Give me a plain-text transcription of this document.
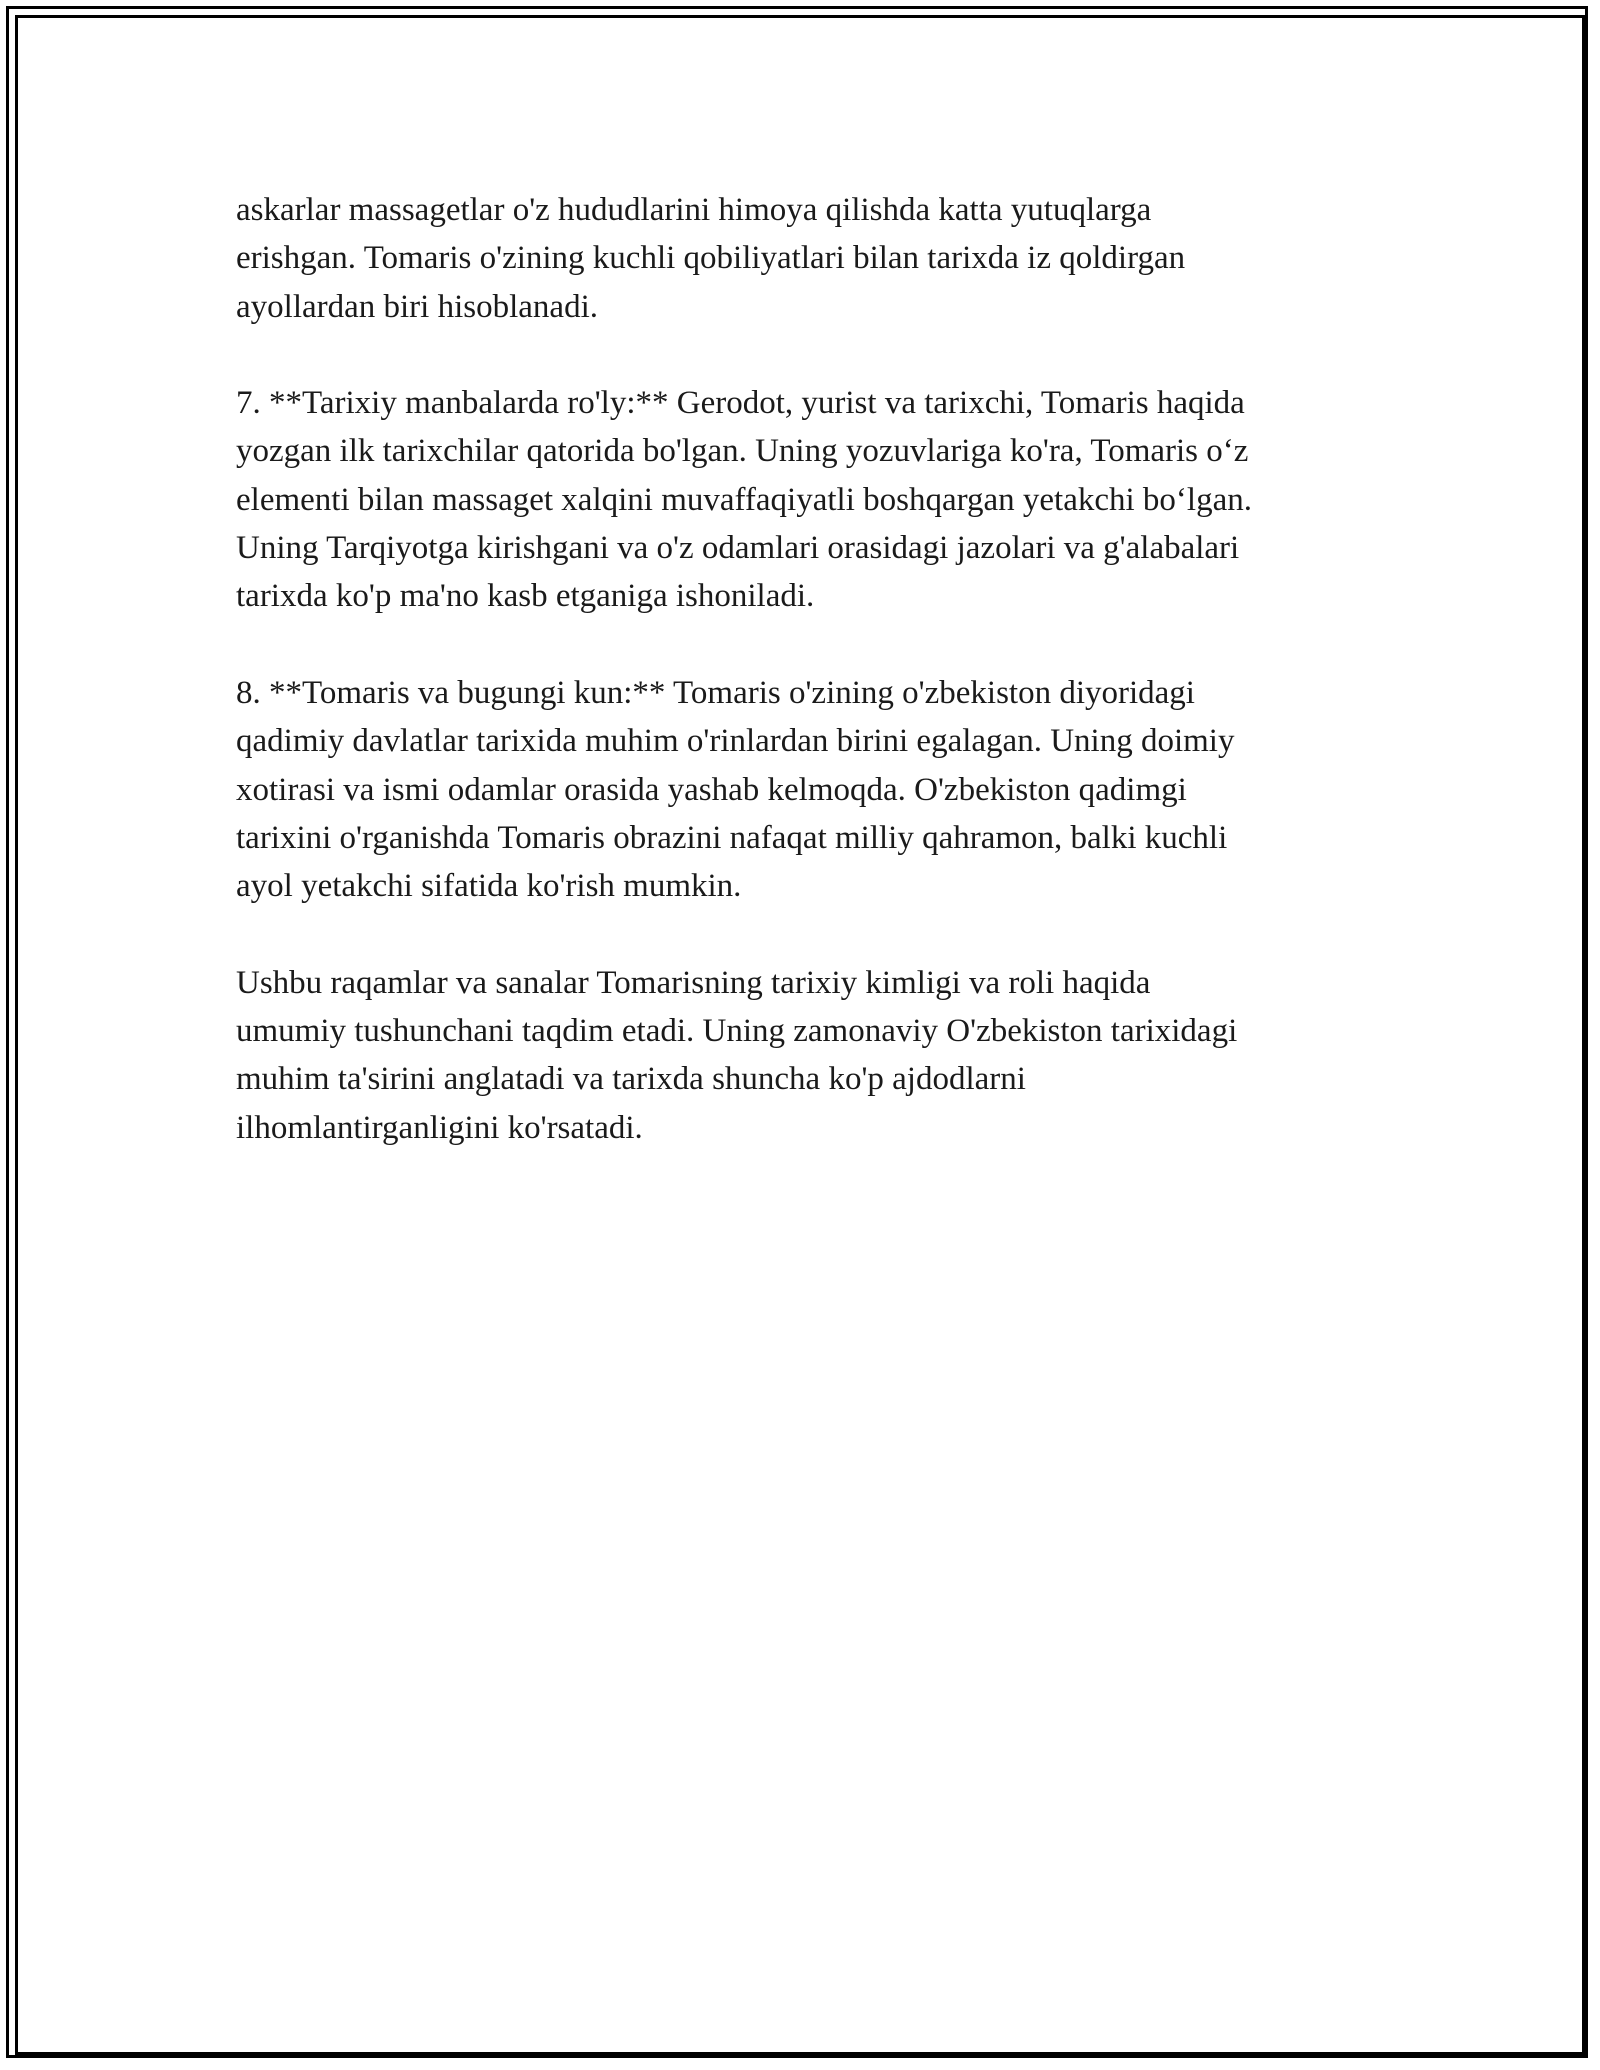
askarlar massagetlar o'z hududlarini himoya qilishda katta yutuqlarga
erishgan. Tomaris o'zining kuchli qobiliyatlari bilan tarixda iz qoldirgan
ayollardan biri hisoblanadi.

7. **Tarixiy manbalarda ro'ly:** Gerodot, yurist va tarixchi, Tomaris haqida
yozgan ilk tarixchilar qatorida bo'lgan. Uning yozuvlariga ko'ra, Tomaris o‘z
elementi bilan massaget xalqini muvaffaqiyatli boshqargan yetakchi bo‘lgan.
Uning Tarqiyotga kirishgani va o'z odamlari orasidagi jazolari va g'alabalari
tarixda ko'p ma'no kasb etganiga ishoniladi.

8. **Tomaris va bugungi kun:** Tomaris o'zining o'zbekiston diyoridagi
qadimiy davlatlar tarixida muhim o'rinlardan birini egalagan. Uning doimiy
xotirasi va ismi odamlar orasida yashab kelmoqda. O'zbekiston qadimgi
tarixini o'rganishda Tomaris obrazini nafaqat milliy qahramon, balki kuchli
ayol yetakchi sifatida ko'rish mumkin.

Ushbu raqamlar va sanalar Tomarisning tarixiy kimligi va roli haqida
umumiy tushunchani taqdim etadi. Uning zamonaviy O'zbekiston tarixidagi
muhim ta'sirini anglatadi va tarixda shuncha ko'p ajdodlarni
ilhomlantirganligini ko'rsatadi.
